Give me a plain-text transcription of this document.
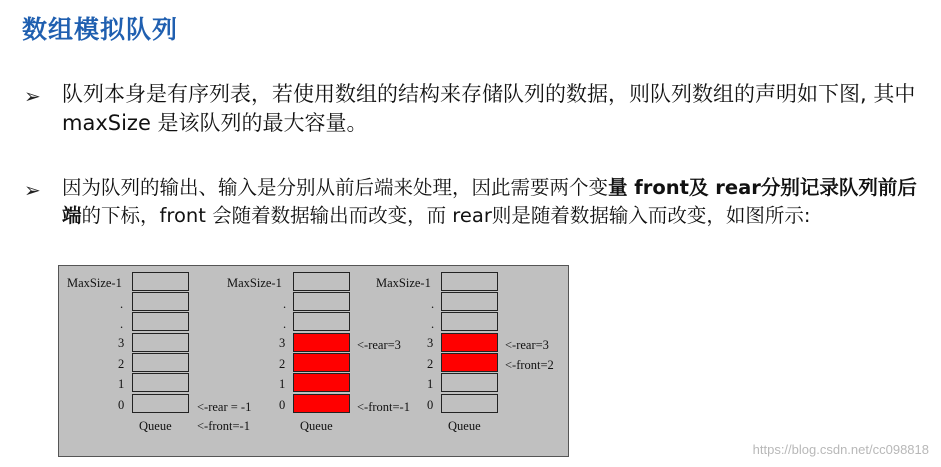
数组模拟队列
➢ 队列本身是有序列表，若使用数组的结构来存储队列的数据，则队列数组的声明如下图, 其中 maxSize 是该队列的最大容量。
➢ 因为队列的输出、输入是分别从前后端来处理，因此需要两个变量 front及 rear分别记录队列前后端的下标，front 会随着数据输出而改变，而 rear则是随着数据输入而改变，如图所示:
MaxSize-1
.
.
3
2
1
0
Queue
<-rear = -1
<-front=-1
MaxSize-1
.
.
3
2
1
0
Queue
<-rear=3
<-front=-1
MaxSize-1
.
.
3
2
1
0
Queue
<-rear=3
<-front=2
https://blog.csdn.net/cc098818
